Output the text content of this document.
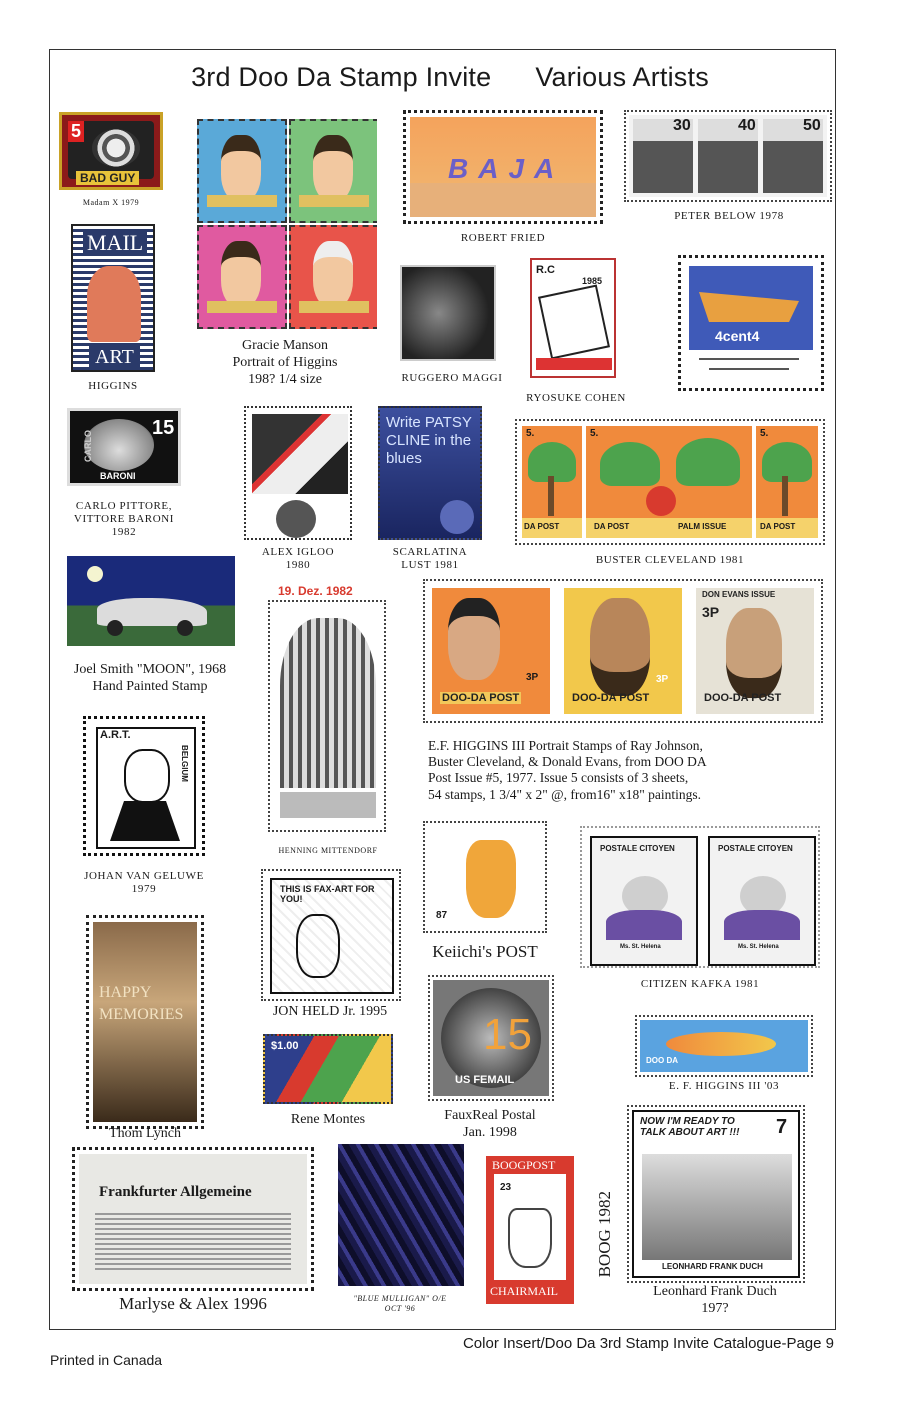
3rd Doo Da Stamp Invite Various Artists
5
BAD GUY
Madam X 1979
Gracie Manson
Portrait of Higgins
198? 1/4 size
BAJA
ROBERT FRIED
30	40	50
PETER BELOW 1978
MAIL
ART
HIGGINS
RUGGERO MAGGI
R.C
1985
RYOSUKE COHEN
4cent4
15
CARLO
BARONI
CARLO PITTORE,
VITTORE BARONI
1982
ALEX IGLOO
1980
Write PATSY CLINE in the blues
SCARLATINA
LUST 1981
5.	5.	5.
DA POST	DA POST	PALM ISSUE	DA POST
BUSTER CLEVELAND 1981
Joel Smith "MOON", 1968
Hand Painted Stamp
19. Dez. 1982
HENNING MITTENDORF
DOO-DA POST
3P
DOO-DA POST
3P
DON EVANS ISSUE
3P
DOO-DA POST
E.F. HIGGINS III Portrait Stamps of Ray Johnson,
Buster Cleveland, & Donald Evans, from DOO DA
Post Issue #5, 1977. Issue 5 consists of 3 sheets,
54 stamps, 1 3/4" x 2" @, from16" x18" paintings.
A.R.T.
BELGIUM
JOHAN VAN GELUWE
1979
87
Keiichi's POST
POSTALE CITOYEN
Ms. St. Helena
POSTALE CITOYEN
Ms. St. Helena
CITIZEN KAFKA 1981
THIS IS FAX-ART FOR YOU!
JON HELD Jr. 1995
HAPPY MEMORIES
Thom Lynch
$1.00
Rene Montes
15
US FEMAIL
FauxReal Postal
Jan. 1998
DOO DA
E. F. HIGGINS III '03
Frankfurter Allgemeine
Marlyse & Alex 1996	"BLUE MULLIGAN" O/E
OCT '96
BOOGPOST
23
CHAIRMAIL
BOOG 1982
NOW I'M READY TO TALK ABOUT ART !!!	7
LEONHARD FRANK DUCH
Leonhard Frank Duch
197?
Color Insert/Doo Da 3rd Stamp Invite Catalogue-Page 9
Printed in Canada
